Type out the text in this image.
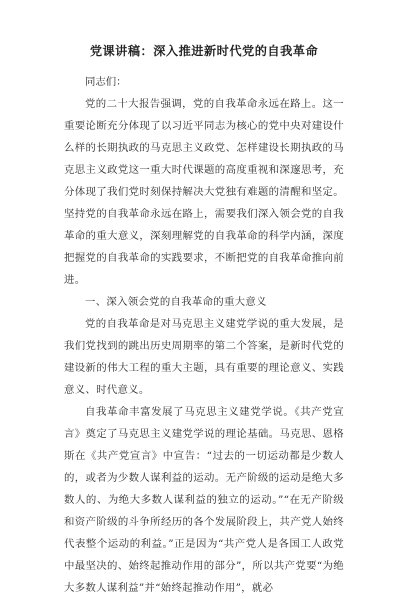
党课讲稿：深入推进新时代党的自我革命

同志们：

党的二十大报告强调，党的自我革命永远在路上。这一重要论断充分体现了以习近平同志为核心的党中央对建设什么样的长期执政的马克思主义政党、怎样建设长期执政的马克思主义政党这一重大时代课题的高度重视和深邃思考，充分体现了我们党时刻保持解决大党独有难题的清醒和坚定。坚持党的自我革命永远在路上，需要我们深入领会党的自我革命的重大意义，深刻理解党的自我革命的科学内涵，深度把握党的自我革命的实践要求，不断把党的自我革命推向前进。

一、深入领会党的自我革命的重大意义

党的自我革命是对马克思主义建党学说的重大发展，是我们党找到的跳出历史周期率的第二个答案，是新时代党的建设新的伟大工程的重大主题，具有重要的理论意义、实践意义、时代意义。

自我革命丰富发展了马克思主义建党学说。《共产党宣言》奠定了马克思主义建党学说的理论基础。马克思、恩格斯在《共产党宣言》中宣告：“过去的一切运动都是少数人的，或者为少数人谋利益的运动。无产阶级的运动是绝大多数人的、为绝大多数人谋利益的独立的运动。”“在无产阶级和资产阶级的斗争所经历的各个发展阶段上，共产党人始终代表整个运动的利益。”正是因为“共产党人是各国工人政党中最坚决的、始终起推动作用的部分”，所以共产党要“为绝大多数人谋利益”并“始终起推动作用”，就必
